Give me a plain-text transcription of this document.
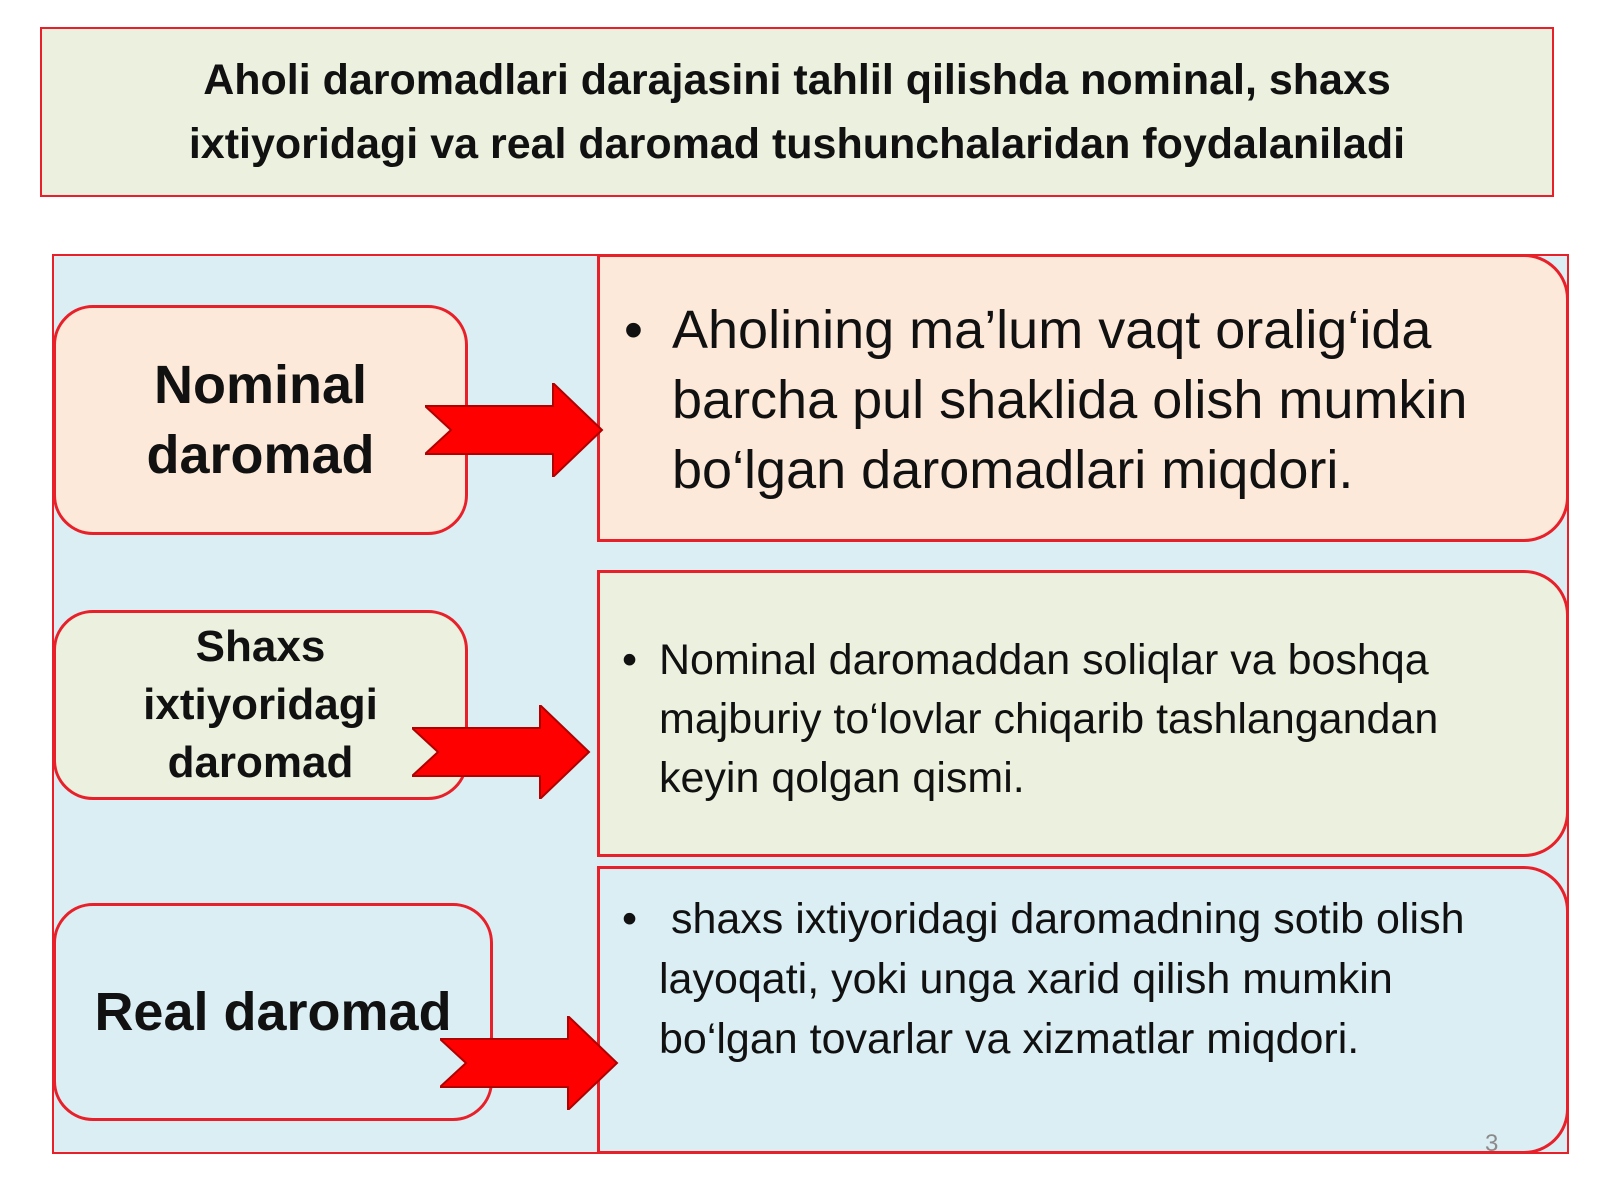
Aholi daromadlari darajasini tahlil qilishda nominal, shaxs ixtiyoridagi va real daromad tushunchalaridan foydalaniladi
Nominal daromad
Shaxs ixtiyoridagi daromad
Real daromad
• Aholining ma’lum vaqt oralig‘ida barcha pul shaklida olish mumkin bo‘lgan daromadlari miqdori.
• Nominal daromaddan soliqlar va boshqa majburiy to‘lovlar chiqarib tashlangandan keyin qolgan qismi.
• shaxs ixtiyoridagi daromadning sotib olish layoqati, yoki unga xarid qilish mumkin bo‘lgan tovarlar va xizmatlar miqdori.
3
